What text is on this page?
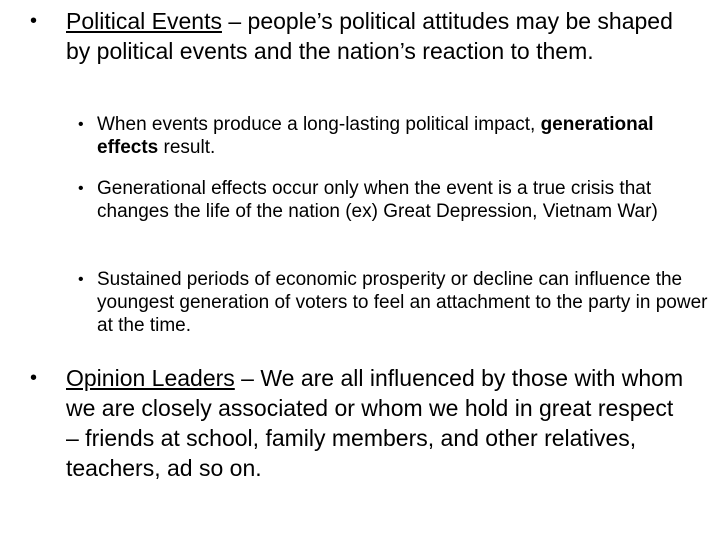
•	Political Events – people’s political attitudes may be shaped by political events and the nation’s reaction to them.
• When events produce a long-lasting political impact, generational effects result.
• Generational effects occur only when the event is a true crisis that changes the life of the nation (ex) Great Depression, Vietnam War)
• Sustained periods of economic prosperity or decline can influence the youngest generation of voters to feel an attachment to the party in power at the time.
•	Opinion Leaders – We are all influenced by those with whom we are closely associated or whom we hold in great respect – friends at school, family members, and other relatives, teachers, ad so on.
